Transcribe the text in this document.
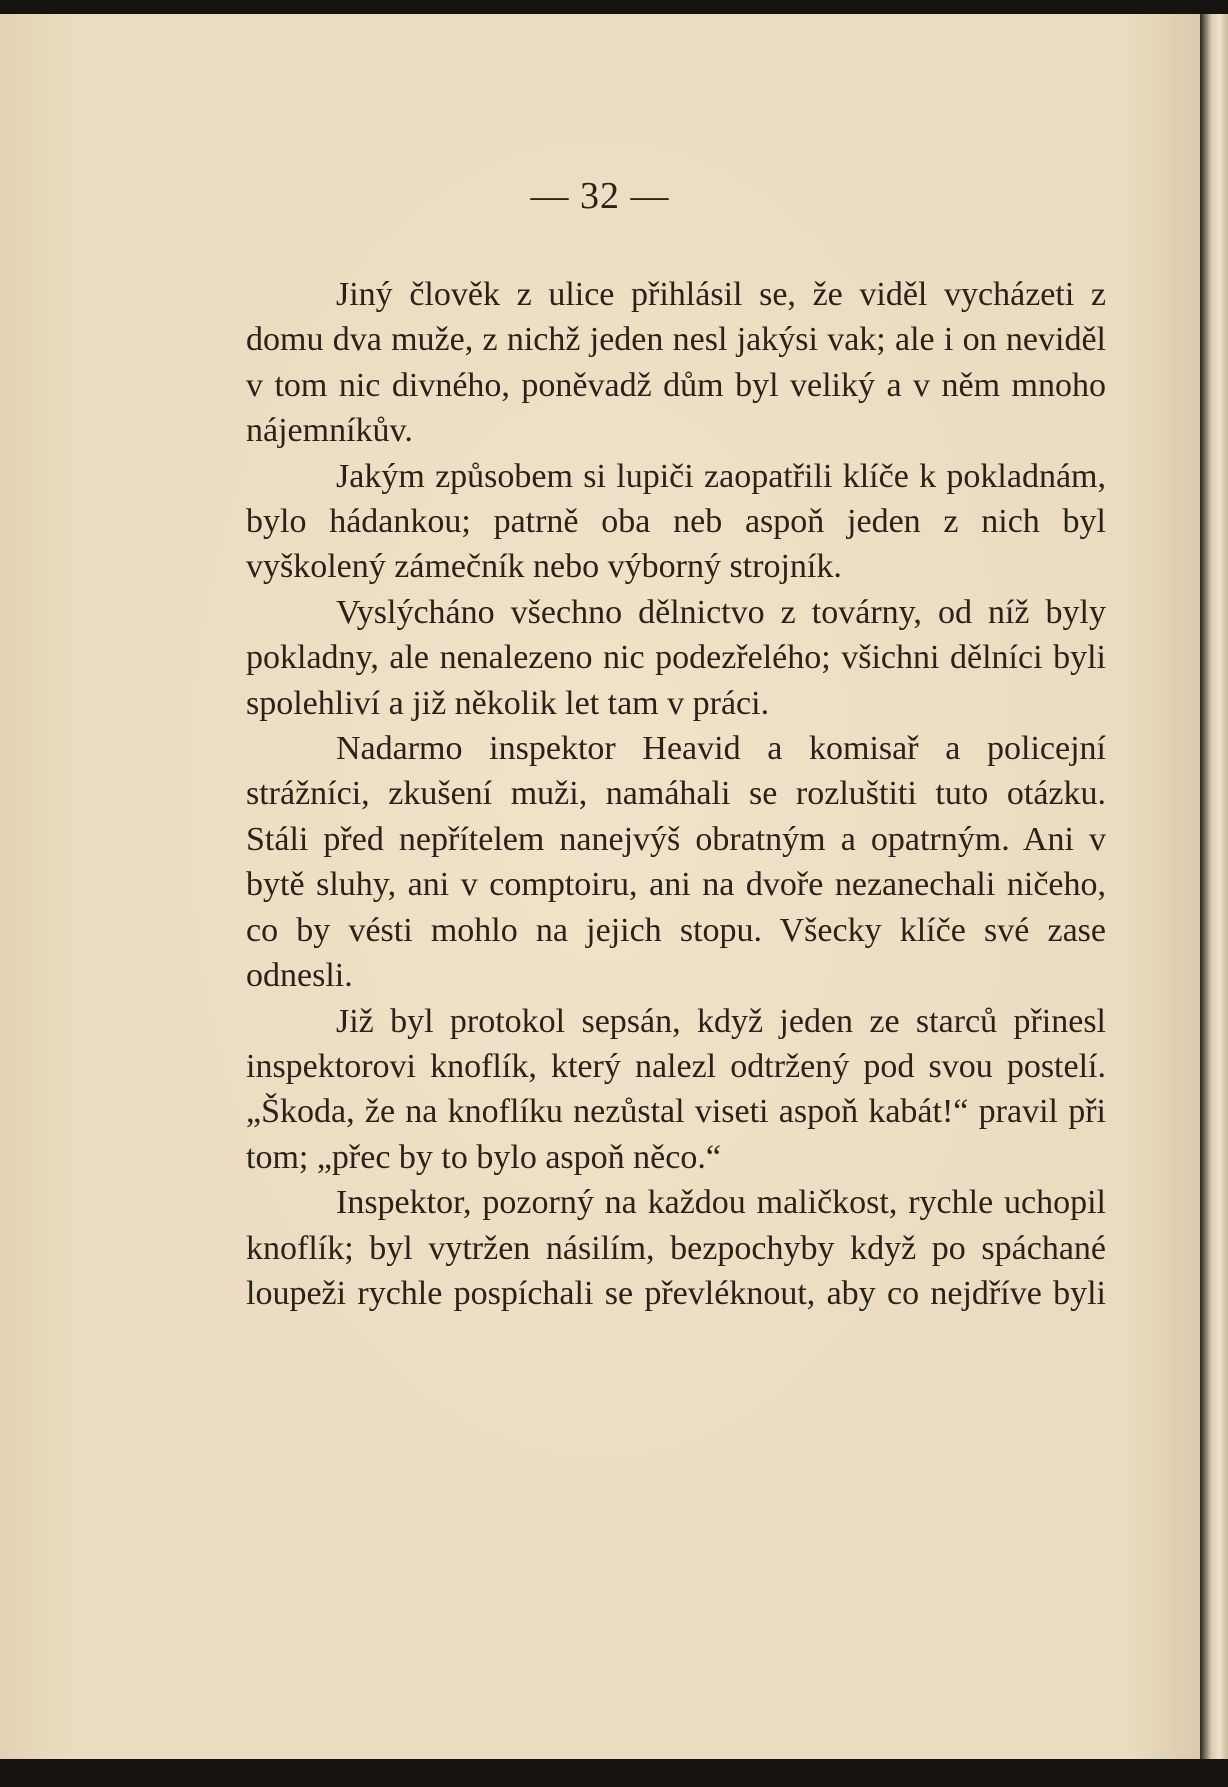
— 32 —

Jiný člověk z ulice přihlásil se, že viděl vycházeti z domu dva muže, z nichž jeden nesl jakýsi vak; ale i on neviděl v tom nic divného, poněvadž dům byl veliký a v něm mnoho nájemníkův.

Jakým způsobem si lupiči zaopatřili klíče k pokladnám, bylo hádankou; patrně oba neb aspoň jeden z nich byl vyškolený zámečník nebo výborný strojník.

Vyslýcháno všechno dělnictvo z továrny, od níž byly pokladny, ale nenalezeno nic podezřelého; všichni dělníci byli spolehliví a již několik let tam v práci.

Nadarmo inspektor Heavid a komisař a policejní strážníci, zkušení muži, namáhali se rozluštiti tuto otázku. Stáli před nepřítelem nanejvýš obratným a opatrným. Ani v bytě sluhy, ani v comptoiru, ani na dvoře nezanechali ničeho, co by vésti mohlo na jejich stopu. Všecky klíče své zase odnesli.

Již byl protokol sepsán, když jeden ze starců přinesl inspektorovi knoflík, který nalezl odtržený pod svou postelí. „Škoda, že na knoflíku nezůstal viseti aspoň kabát!“ pravil při tom; „přec by to bylo aspoň něco.“

Inspektor, pozorný na každou maličkost, rychle uchopil knoflík; byl vytržen násilím, bezpochyby když po spáchané loupeži rychle pospíchali se převléknout, aby co nejdříve byli
